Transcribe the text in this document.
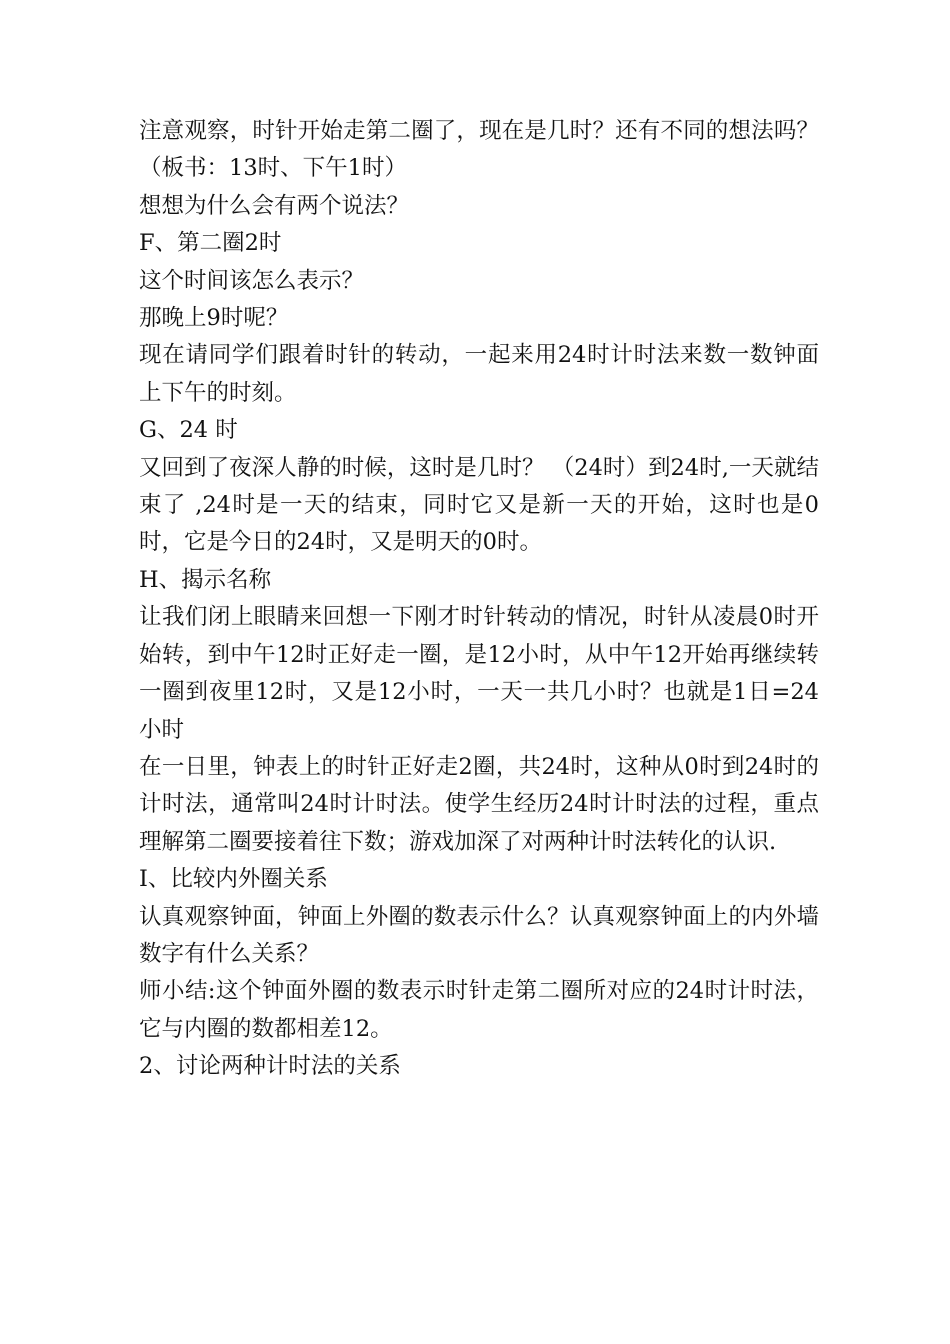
注意观察，时针开始走第二圈了，现在是几时？还有不同的想法吗？（板书：13时、下午1时）

想想为什么会有两个说法？

F、第二圈2时

这个时间该怎么表示？

那晚上9时呢？

现在请同学们跟着时针的转动，一起来用24时计时法来数一数钟面上下午的时刻。

G、24 时

又回到了夜深人静的时候，这时是几时？ （24时）到24时,一天就结束了 ,24时是一天的结束，同时它又是新一天的开始，这时也是0时，它是今日的24时，又是明天的0时。

H、揭示名称

让我们闭上眼睛来回想一下刚才时针转动的情况，时针从凌晨0时开始转，到中午12时正好走一圈，是12小时，从中午12开始再继续转一圈到夜里12时，又是12小时，一天一共几小时？也就是1日=24小时

在一日里，钟表上的时针正好走2圈，共24时，这种从0时到24时的计时法，通常叫24时计时法。使学生经历24时计时法的过程，重点理解第二圈要接着往下数；游戏加深了对两种计时法转化的认识.

I、比较内外圈关系

认真观察钟面，钟面上外圈的数表示什么？认真观察钟面上的内外墙数字有什么关系？

师小结:这个钟面外圈的数表示时针走第二圈所对应的24时计时法，它与内圈的数都相差12。

2、讨论两种计时法的关系
